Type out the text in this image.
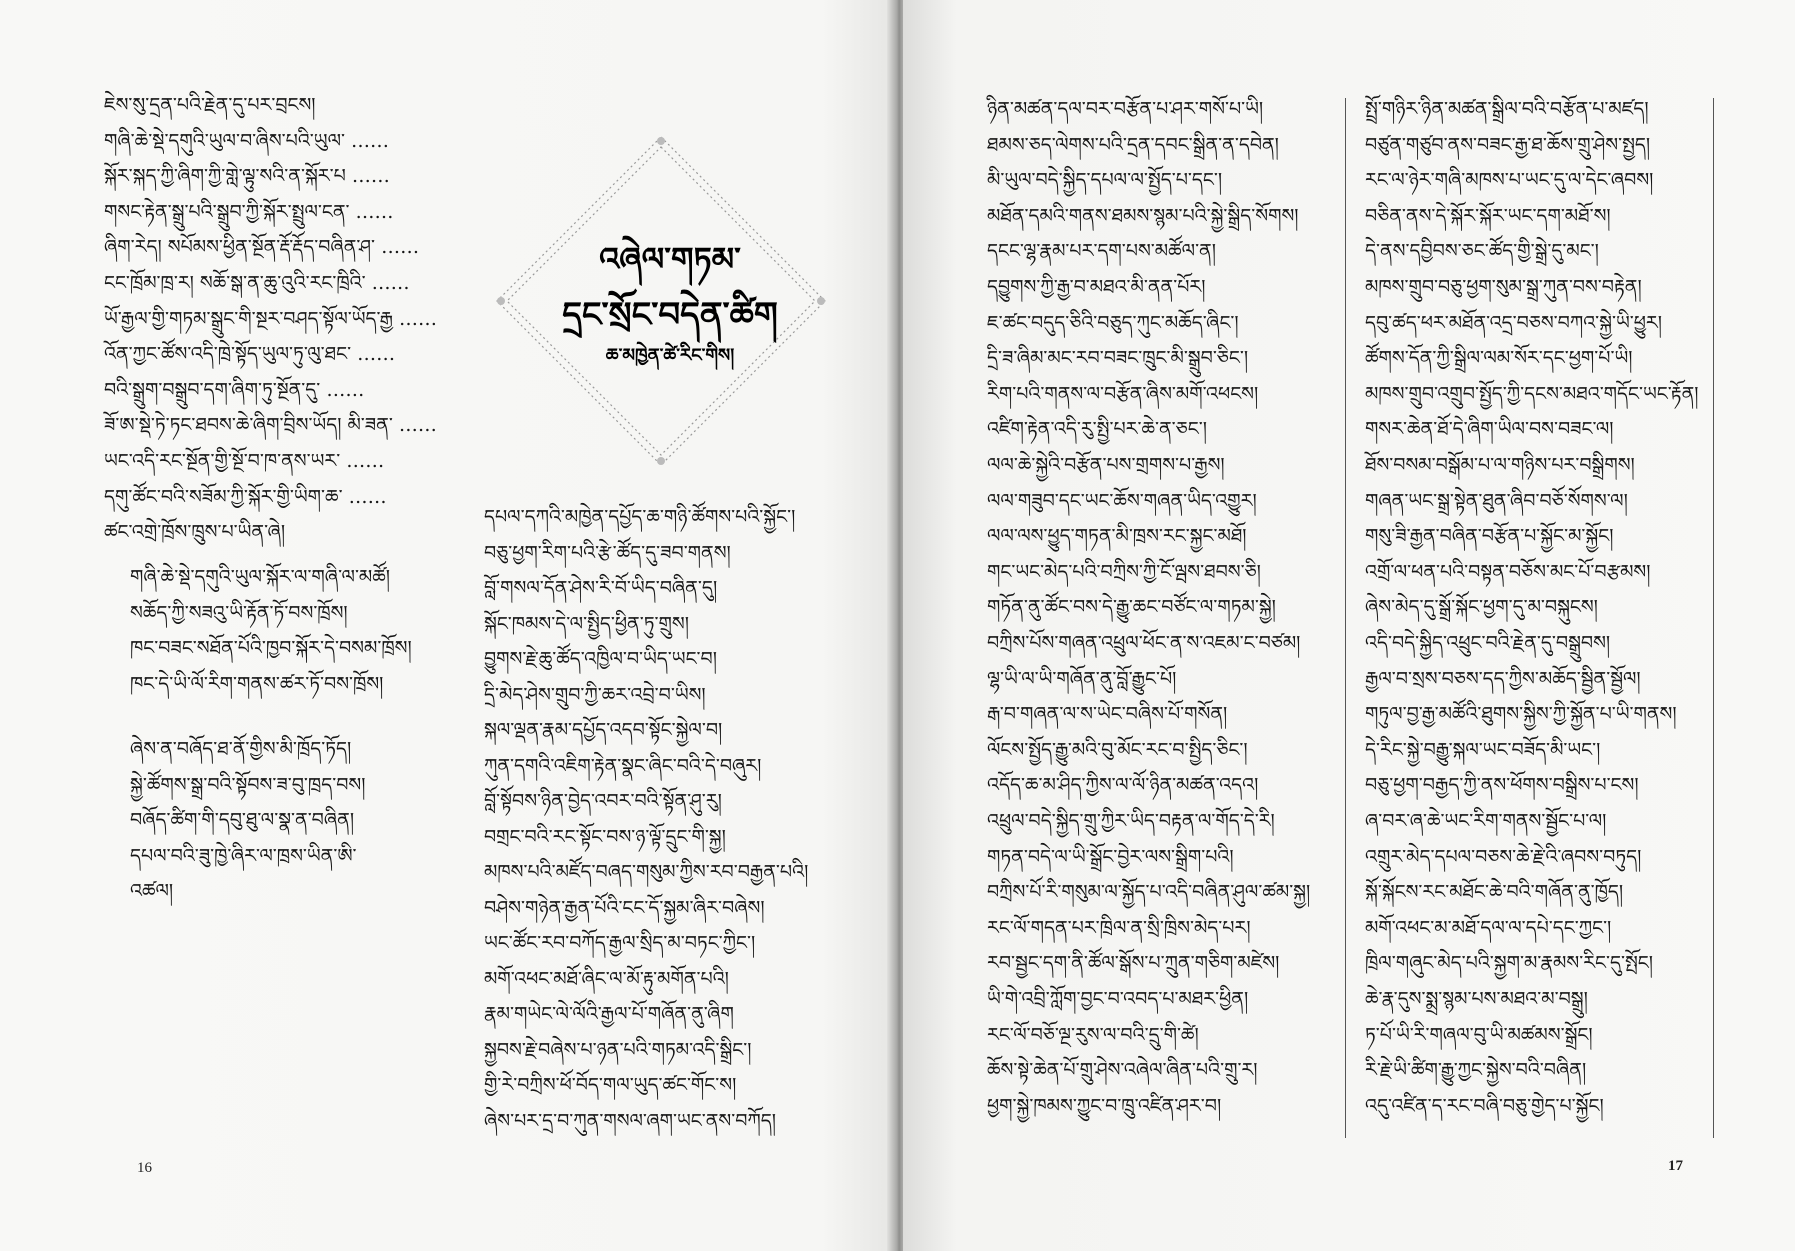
ཇེས་སུ་དྲན་པའི་རྗེན་དུ་པར་བྲངས།
གཞི་ཆེ་སྡེ་དགུའི་ཡུལ་བ་ཞིས་པའི་ཡུལ་ ……
སྐོར་སྐད་ཀྱི་ཞིག་ཀྱི་གླེ་ལྟུ་སའི་ན་སྐོར་པ ……
གསང་རྟེན་སྒྲུ་པའི་སྒྲུབ་ཀྱི་སྐོར་སྤྲུལ་ངན་ ……
ཞིག་རེད། སཔོམས་ཕྱིན་སྔོན་རྡོ་རྡོད་བཞིན་ཤ་ ……
ངང་ཁྲོམ་ཁྲ་ར། སཆོ་སྒ་ན་ཆུ་འུའི་རང་ཁྲིའི་ ……
ཡོ་རྒྱལ་གྱི་གཏམ་སྒྲུང་གི་སྔར་བཤད་སྟོལ་ཡོད་རྒྱ ……
འོན་ཀྱང་ཚོས་འདི་ཁྲེ་སྟོད་ཡུལ་ཏུ་ལུ་ཐང་ ……
བའི་སྒྲུག་བསྒྲུབ་དག་ཞིག་ཏུ་སྔོན་དུ་ ……
ཟོ་ཨ་སྡེ་ཏེ་ཏང་ཐབས་ཆེ་ཞིག་བྲིས་ཡོད། མི་ཟན་ ……
ཡང་འདི་རང་སྔོན་གྱི་སྔོ་བ་ཁ་ནས་ཡར་ ……
དགུ་ཚོང་བའི་སཟོམ་ཀྱི་སྐོར་གྱི་ཡིག་ཆ་ ……
ཚང་འགྲེ་ཁྲོས་ཁྲུས་པ་ཡིན་ཞེ།
གཞི་ཆེ་སྡེ་དགུའི་ཡུལ་སྐོར་ལ་གཞི་ལ་མཚོ།
སཆོད་ཀྱི་སཟའུ་ཡི་རྟོན་ཏོ་བས་ཁྲོས།
ཁང་བཟང་སཐོན་པོའི་ཁྱབ་སྐོར་དེ་བསམ་ཁྲོས།
ཁང་དེ་ཡི་ལོ་རིག་གནས་ཚར་ཏོ་བས་ཁྲོས།
ཞེས་ན་བཞོད་ཐ་ནོ་གྱིས་མི་ཁྲོད་ཏོད།
སྐྱེ་ཚོགས་སྒྲ་བའི་སྟོབས་ཟ་བུ་ཁྲད་བས།
བཞོད་ཚིག་གི་དབུ་ཐུ་ལ་སྣ་ན་བཞིན།
དཔལ་བའི་ཟུ་ཁྱེ་ཞིར་ལ་ཁྲས་ཡིན་ཨི་
འཚལ།
འཞེལ་གཏམ་
དྲང་སྲོང་བདེན་ཚིག
ཆ་མཁྱེན་ཚེ་རིང་གིས།
དཔལ་དཀའི་མཁྱེན་དཔྱོད་ཆ་གཉི་ཚོགས་པའི་སྐྱོང་།
བཅུ་ཕྱག་རིག་པའི་རྩེ་ཚོད་དུ་ཟབ་གནས།
བློ་གསལ་དོན་ཤེས་རི་བོ་ཡིད་བཞིན་དུ།
སྐོང་ཁམས་དེ་ལ་སྤྱིད་ཕྱིན་ཏུ་གྲུས།
བྱུགས་རྗེ་ཆུ་ཚོད་འཁྱིལ་བ་ཡིད་ཡང་བ།
དྲི་མེད་ཤེས་གྲུབ་ཀྱི་ཆར་འབྲེ་བ་ཡིས།
སྐལ་ལྡན་རྣམ་དཔྱོད་འདབ་སྟོང་སྐྱེལ་བ།
ཀུན་དགའི་འཇིག་རྟེན་སྣང་ཞིང་བའི་དེ་བཞུར།
བློ་སྟོབས་ཉིན་བྱེད་འབར་བའི་སྟོན་ཤུ་རུ།
བགྲང་བའི་རང་སྟོང་བས་ཉ་ལྟོ་དྲུང་གི་སྐྱ།
མཁས་པའི་མཛོད་བཞད་གསུམ་ཀྱིས་རབ་བརྒྱན་པའི།
བཤེས་གཉེན་རྒྱན་པོའི་ངང་དོ་སྐྱམ་ཞིར་བཞེས།
ཡང་ཚོང་རབ་བཀོད་རྒྱལ་སྲིད་མ་བཏང་ཀྱིང་།
མགོ་འཕང་མཐོ་ཞིང་ལ་མོ་རྟུ་མགོན་པའི།
རྣམ་གཡེང་ལེ་ལོའི་རྒྱལ་པོ་གཞོན་ནུ་ཞིག
སྐྱབས་རྗེ་བཞེས་པ་ཉན་པའི་གཏམ་འདི་སྒྲིང་།
གྱི་རེ་བཀྲིས་ཕོ་བོད་གལ་ཡུད་ཚང་གོང་ས།
ཞེས་པར་དྲ་བ་ཀུན་གསལ་ཞག་ཡང་ནས་བཀོད།
16
ཉིན་མཚན་དལ་བར་བརྩོན་པ་ཤར་གསོ་པ་ཡི།
ཐམས་ཅད་ལེགས་པའི་དྲན་དབང་སྒྲིན་ན་དབེན།
མི་ཡུལ་བདེ་སྐྱིད་དཔལ་ལ་སྤྱོད་པ་དང་།
མཐོན་དམའི་གནས་ཐམས་སྙམ་པའི་སྐྱེ་སྒྲིད་སོགས།
དངང་ལྷ་རྣམ་པར་དག་པས་མཚོལ་ན།
དབྱུགས་ཀྱི་རྒྱ་བ་མཐའ་མི་ནན་པོར།
ཇ་ཚང་བདུད་ཅིའི་བཅུད་ཀུང་མཆོད་ཞིང་།
དྲི་ཟ་ཞིམ་མང་རབ་བཟང་ཁྲུང་མི་སྒྲུབ་ཅིང་།
རིག་པའི་གནས་ལ་བརྩོན་ཞིས་མགོ་འཕངས།
འཛིག་རྟེན་འདི་རུ་སྤྱི་པར་ཆེ་ན་ཅང་།
ལལ་ཆེ་སྐྱེའི་བརྩོན་པས་གྲགས་པ་རྒྱས།
ལལ་གཟུབ་དང་ཡང་ཆོས་གཞན་ཡིད་འགྱུར།
ལལ་ལས་ཕྱུད་གཏན་མི་ཁྲས་རང་སྐྱང་མཐོ།
གང་ཡང་མེད་པའི་བཀྲིས་ཀྱི་ངོ་ལྦས་ཐབས་ཅི།
གཏོན་ནུ་ཚོང་བས་དེ་རྒྱུ་ཆང་བཙོང་ལ་གཏམ་སྐྱེ།
བཀྲིས་པོས་གཞན་འཕྲུལ་ཕོང་ན་ས་འཇམ་ང་བཙམ།
ལྷ་ཡི་ལ་ཡི་གཞོན་ནུ་བློ་རྒྱུང་པོ།
རྒ་བ་གཞན་ལ་ས་ཡེང་བཞིས་པོ་གསོན།
ལོངས་སྤྱོད་རྒྱུ་མའི་བུ་མོང་རང་བ་སྤྱིད་ཅིང་།
འདོད་ཆ་མ་ཤིད་ཀྱིས་ལ་ལོ་ཉིན་མཚན་འདའ།
འཕྲུལ་བདེ་སྐྱིད་གྲུ་ཀྱིར་ཡིད་བརྟན་ལ་གོད་དེ་རི།
གཏན་བདེ་ལ་ཡི་སྒྲོང་བྱེར་ལས་སྒྲིག་པའི།
བཀྲིས་པོ་རི་གསུམ་ལ་སྐྱོད་པ་འདི་བཞིན་ཤུལ་ཚམ་སྐྱ།
རང་ལོ་གདན་པར་ཁྲིལ་ན་སྲི་ཁྲིས་མེད་པར།
རབ་སྦྱང་དག་ནི་ཚོལ་སྒོས་པ་ཀྲུན་གཅིག་མཛེས།
ཡི་གེ་འབྲི་ཀློག་བྱང་བ་འབད་པ་མཐར་ཕྱིན།
རང་ལོ་བཅོ་ལྔ་རུས་ལ་བའི་དྲུ་གི་ཚེ།
ཆོས་སྟེ་ཆེན་པོ་གྲུ་ཤེས་འཞེལ་ཞིན་པའི་གྲུ་ར།
ཕྱག་སྐྱེ་ཁམས་ཀྱུང་བ་ཁྲུ་འཛིན་ཤར་བ།
སྤྲོ་གཉིར་ཉིན་མཚན་སྒྲིལ་བའི་བརྩོན་པ་མཛད།
བཙུན་གཙུབ་ནས་བཟང་རྒྱ་ཐ་ཆོས་གྲུ་ཤེས་སྤྱད།
རང་ལ་ཉེར་གཞི་མཁས་པ་ཡང་དུ་ལ་དེང་ཞབས།
བཅིན་ནས་དེ་སྐོར་སྐོར་ཡང་དག་མཐོ་ས།
དེ་ནས་དབྱིབས་ཅང་ཚོད་གྱི་སྒྲེ་དུ་མང་།
མཁས་གྲུབ་བཅུ་ཕྱག་སུམ་སྒྲ་ཀུན་བས་བརྟེན།
དབུ་ཚད་ཕར་མཐོན་འདྲ་བཅས་བཀའ་སྐྱེ་ཡི་ཕྱུར།
ཚོགས་དོན་ཀྱི་སྒྲིལ་ལམ་སོར་དང་ཕྱག་པོ་ཡི།
མཁས་གྲུབ་འགྲུབ་སྤྱོད་ཀྱི་དངས་མཐའ་གདོང་ཡང་རྟོན།
གསར་ཆེན་ཐོ་དེ་ཞིག་ཡིལ་བས་བཟང་ལ།
ཐོས་བསམ་བསྒོམ་པ་ལ་གཉིས་པར་བསྒྲིགས།
གཞན་ཡང་སྒྲ་སྟེན་ཐུན་ཞིབ་བཅོ་སོགས་ལ།
གསུ་ཟི་རྒྱན་བཞིན་བརྩོན་པ་སྐྱོང་མ་སྐྱོང།
འགྲོ་ལ་ཕན་པའི་བསྟན་བཅོས་མང་པོ་བརྩམས།
ཞེས་མེད་དུ་སྒྲོ་སྐོང་ཕྱག་དུ་མ་བསྐུངས།
འདི་བདེ་སྐྱིད་འཕྲུང་བའི་རྗེན་དུ་བསྒྲུབས།
རྒྱལ་བ་སྲས་བཅས་དད་ཀྱིས་མཆོད་སྦྱིན་སྦྱོལ།
གཏུལ་བྱ་རྒྱ་མཚོའི་ཐུགས་སྐྱིས་ཀྱི་སྐྱོན་པ་ཡི་གནས།
དེ་རིང་སྐྱེ་བརྒྱུ་སྐལ་ཡང་བཟོད་མི་ཡང་།
བཅུ་ཕྱག་བརྒྱད་ཀྱི་ནས་ཕོགས་བསྒྲིས་པ་ངས།
ཞ་བར་ཞ་ཆེ་ཡང་རིག་གནས་སྦྱོང་པ་ལ།
འགྲུར་མེད་དཔལ་བཅས་ཆེ་རྗེ་འི་ཞབས་བཏུད།
སྐོ་སྐོངས་རང་མཐོང་ཆེ་བའི་གཞོན་ནུ་ཁྱོད།
མགོ་འཕང་མ་མཐོ་དལ་ལ་དཔེ་དང་ཀྱང་།
ཁྲིལ་གཞུང་མེད་པའི་སྐྱག་མ་རྣམས་རིང་དུ་སྤོང།
ཆེ་རྣ་དུས་སྨྲ་སྙམ་པས་མཐའ་མ་བསྒྲུ།
ཏ་པོ་ཡི་རི་གཞལ་བུ་ཡི་མཚམས་སྒྲོང།
རི་རྗེ་ཡི་ཚིག་རྒྱུ་ཀྱང་སྐྱེས་བའི་བཞིན།
འདུ་འཛིན་ད་རང་བཞི་བཅུ་གྱེད་པ་སྐྱོང།
17
